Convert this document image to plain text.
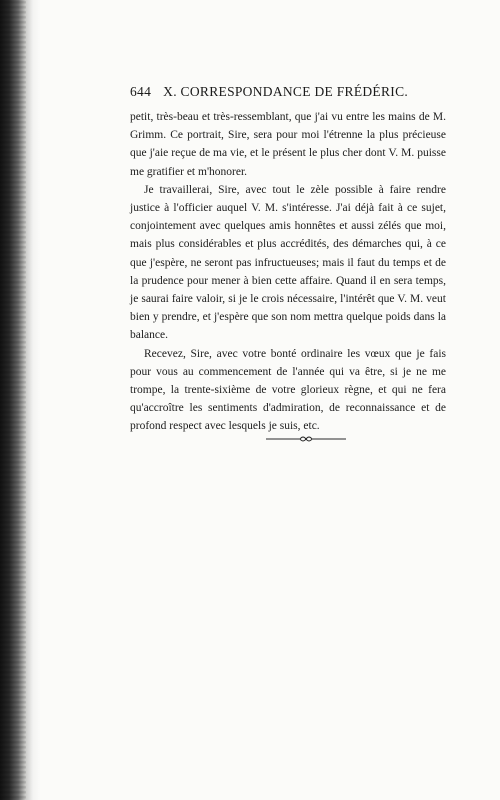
644 X. CORRESPONDANCE DE FRÉDÉRIC.

petit, très-beau et très-ressemblant, que j'ai vu entre les mains de M. Grimm. Ce portrait, Sire, sera pour moi l'étrenne la plus précieuse que j'aie reçue de ma vie, et le présent le plus cher dont V. M. puisse me gratifier et m'honorer.

Je travaillerai, Sire, avec tout le zèle possible à faire rendre justice à l'officier auquel V. M. s'intéresse. J'ai déjà fait à ce sujet, conjointement avec quelques amis honnêtes et aussi zélés que moi, mais plus considérables et plus accrédités, des démarches qui, à ce que j'espère, ne seront pas infructueuses; mais il faut du temps et de la prudence pour mener à bien cette affaire. Quand il en sera temps, je saurai faire valoir, si je le crois nécessaire, l'intérêt que V. M. veut bien y prendre, et j'espère que son nom mettra quelque poids dans la balance.

Recevez, Sire, avec votre bonté ordinaire les vœux que je fais pour vous au commencement de l'année qui va être, si je ne me trompe, la trente-sixième de votre glorieux règne, et qui ne fera qu'accroître les sentiments d'admiration, de reconnaissance et de profond respect avec lesquels je suis, etc.
